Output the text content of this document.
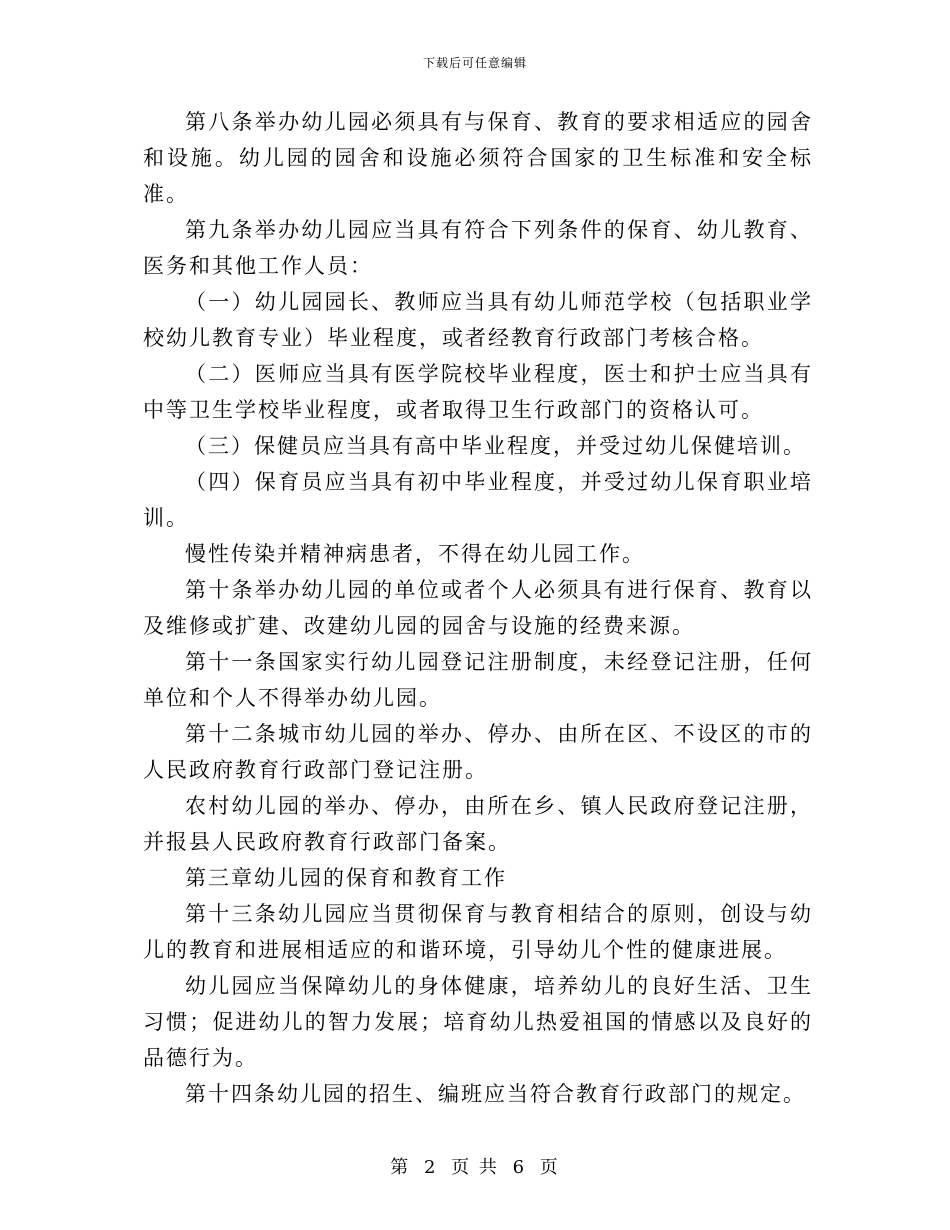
下载后可任意编辑

第八条举办幼儿园必须具有与保育、教育的要求相适应的园舍和设施。幼儿园的园舍和设施必须符合国家的卫生标准和安全标准。

第九条举办幼儿园应当具有符合下列条件的保育、幼儿教育、医务和其他工作人员：

（一）幼儿园园长、教师应当具有幼儿师范学校（包括职业学校幼儿教育专业）毕业程度，或者经教育行政部门考核合格。

（二）医师应当具有医学院校毕业程度，医士和护士应当具有中等卫生学校毕业程度，或者取得卫生行政部门的资格认可。

（三）保健员应当具有高中毕业程度，并受过幼儿保健培训。

（四）保育员应当具有初中毕业程度，并受过幼儿保育职业培训。

慢性传染并精神病患者，不得在幼儿园工作。

第十条举办幼儿园的单位或者个人必须具有进行保育、教育以及维修或扩建、改建幼儿园的园舍与设施的经费来源。

第十一条国家实行幼儿园登记注册制度，未经登记注册，任何单位和个人不得举办幼儿园。

第十二条城市幼儿园的举办、停办、由所在区、不设区的市的人民政府教育行政部门登记注册。

农村幼儿园的举办、停办，由所在乡、镇人民政府登记注册，并报县人民政府教育行政部门备案。

第三章幼儿园的保育和教育工作

第十三条幼儿园应当贯彻保育与教育相结合的原则，创设与幼儿的教育和进展相适应的和谐环境，引导幼儿个性的健康进展。

幼儿园应当保障幼儿的身体健康，培养幼儿的良好生活、卫生习惯；促进幼儿的智力发展；培育幼儿热爱祖国的情感以及良好的品德行为。

第十四条幼儿园的招生、编班应当符合教育行政部门的规定。

第 2 页 共 6 页
